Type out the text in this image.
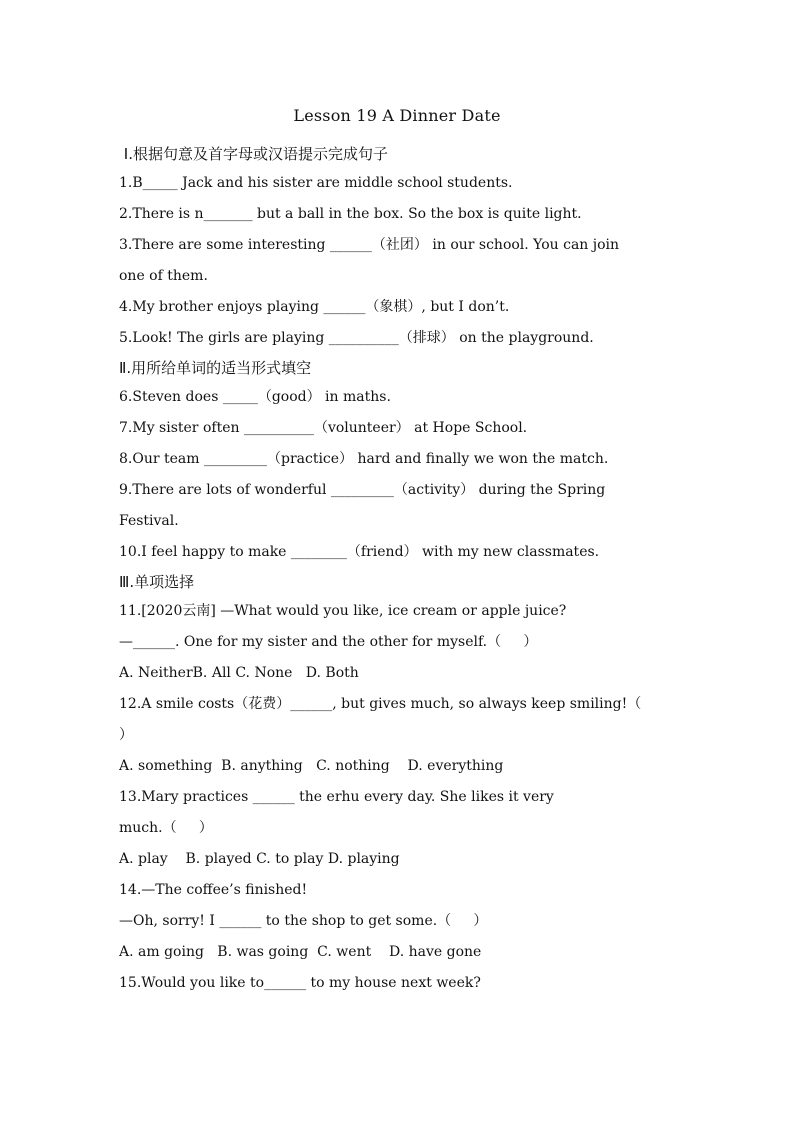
Lesson 19 A Dinner Date
Ⅰ.根据句意及首字母或汉语提示完成句子
1.B_____ Jack and his sister are middle school students.
2.There is n_______ but a ball in the box. So the box is quite light.
3.There are some interesting ______（社团） in our school. You can join
one of them.
4.My brother enjoys playing ______（象棋）, but I don’t.
5.Look! The girls are playing __________（排球） on the playground.
Ⅱ.用所给单词的适当形式填空
6.Steven does _____（good） in maths.
7.My sister often __________（volunteer） at Hope School.
8.Our team _________（practice） hard and finally we won the match.
9.There are lots of wonderful _________（activity） during the Spring
Festival.
10.I feel happy to make ________（friend） with my new classmates.
Ⅲ.单项选择
11.[2020云南] —What would you like, ice cream or apple juice?
—______. One for my sister and the other for myself.（     ）
A. NeitherB. All C. None   D. Both
12.A smile costs（花费）______, but gives much, so always keep smiling!（
）
A. something  B. anything   C. nothing    D. everything
13.Mary practices ______ the erhu every day. She likes it very
much.（     ）
A. play    B. played C. to play D. playing
14.—The coffee’s finished!
—Oh, sorry! I ______ to the shop to get some.（     ）
A. am going   B. was going  C. went    D. have gone
15.Would you like to______ to my house next week?
